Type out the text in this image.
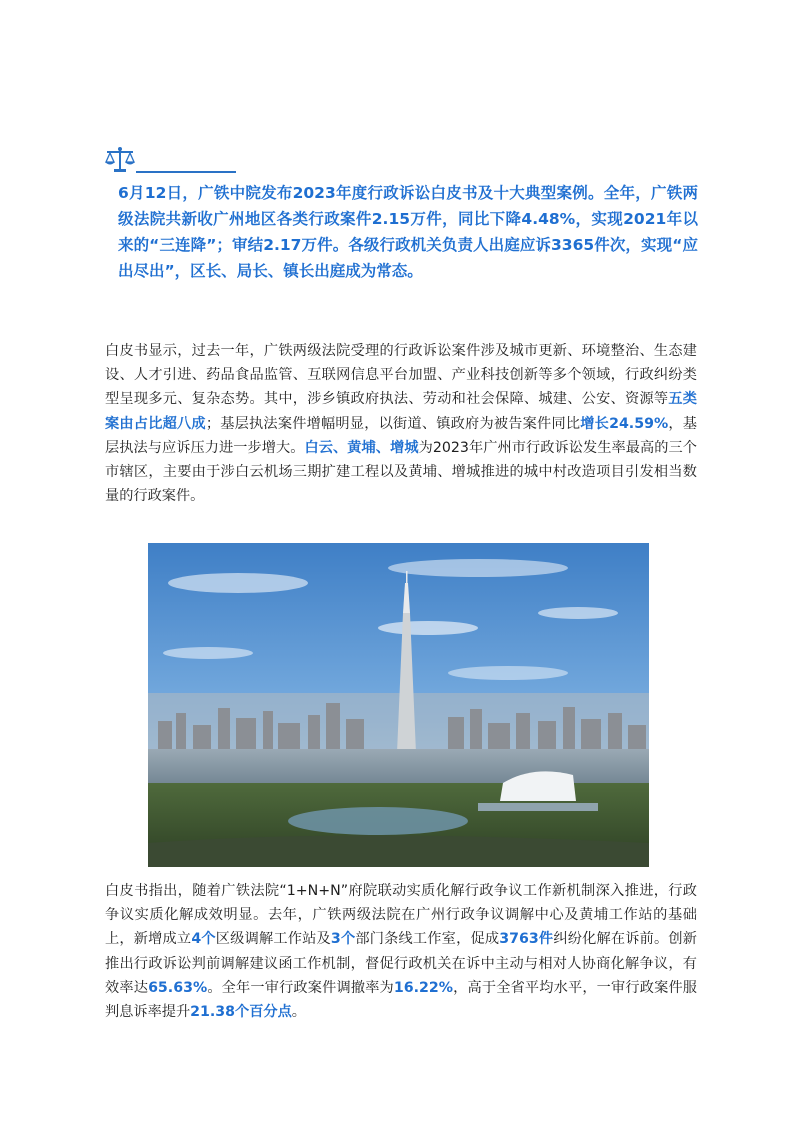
6月12日，广铁中院发布2023年度行政诉讼白皮书及十大典型案例。全年，广铁两级法院共新收广州地区各类行政案件2.15万件，同比下降4.48%，实现2021年以来的“三连降”；审结2.17万件。各级行政机关负责人出庭应诉3365件次，实现“应出尽出”，区长、局长、镇长出庭成为常态。

白皮书显示，过去一年，广铁两级法院受理的行政诉讼案件涉及城市更新、环境整治、生态建设、人才引进、药品食品监管、互联网信息平台加盟、产业科技创新等多个领域，行政纠纷类型呈现多元、复杂态势。其中，涉乡镇政府执法、劳动和社会保障、城建、公安、资源等五类案由占比超八成；基层执法案件增幅明显，以街道、镇政府为被告案件同比增长24.59%，基层执法与应诉压力进一步增大。白云、黄埔、增城为2023年广州市行政诉讼发生率最高的三个市辖区，主要由于涉白云机场三期扩建工程以及黄埔、增城推进的城中村改造项目引发相当数量的行政案件。

白皮书指出，随着广铁法院“1+N+N”府院联动实质化解行政争议工作新机制深入推进，行政争议实质化解成效明显。去年，广铁两级法院在广州行政争议调解中心及黄埔工作站的基础上，新增成立4个区级调解工作站及3个部门条线工作室，促成3763件纠纷化解在诉前。创新推出行政诉讼判前调解建议函工作机制，督促行政机关在诉中主动与相对人协商化解争议，有效率达65.63%。全年一审行政案件调撤率为16.22%，高于全省平均水平，一审行政案件服判息诉率提升21.38个百分点。
